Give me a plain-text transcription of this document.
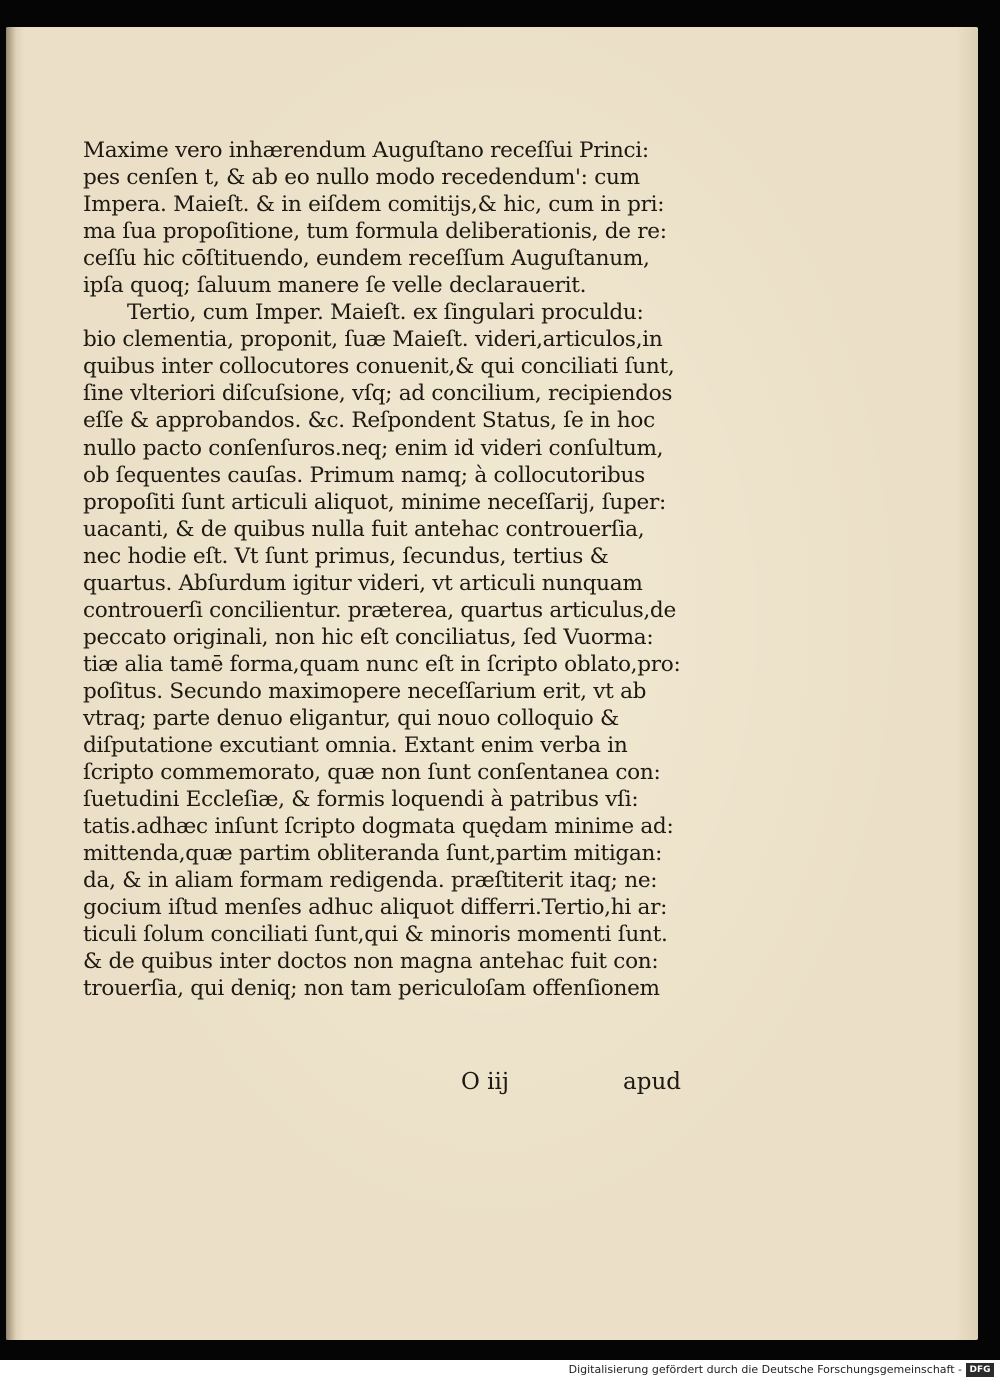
Maxime vero inhærendum Auguſtano receſſui Princi:
pes cenſen t, & ab eo nullo modo recedendum': cum
Impera. Maieſt. & in eiſdem comitijs,& hic, cum in pri:
ma ſua propoſitione, tum formula deliberationis, de re:
ceſſu hic cōſtituendo, eundem receſſum Auguſtanum,
ipſa quoq; ſaluum manere ſe velle declarauerit.
Tertio, cum Imper. Maieſt. ex ſingulari proculdu:
bio clementia, proponit, ſuæ Maieſt. videri,articulos,in
quibus inter collocutores conuenit,& qui conciliati ſunt,
ſine vlteriori diſcuſsione, vſq; ad concilium, recipiendos
eſſe & approbandos. &c. Reſpondent Status, ſe in hoc
nullo pacto conſenſuros.neq; enim id videri conſultum,
ob ſequentes cauſas. Primum namq; à collocutoribus
propoſiti ſunt articuli aliquot, minime neceſſarij, ſuper:
uacanti, & de quibus nulla fuit antehac controuerſia,
nec hodie eſt. Vt ſunt primus, ſecundus, tertius &
quartus. Abſurdum igitur videri, vt articuli nunquam
controuerſi concilientur. præterea, quartus articulus,de
peccato originali, non hic eſt conciliatus, ſed Vuorma:
tiæ alia tamē forma,quam nunc eſt in ſcripto oblato,pro:
poſitus. Secundo maximopere neceſſarium erit, vt ab
vtraq; parte denuo eligantur, qui nouo colloquio &
diſputatione excutiant omnia. Extant enim verba in
ſcripto commemorato, quæ non ſunt conſentanea con:
ſuetudini Eccleſiæ, & formis loquendi à patribus vſi:
tatis.adhæc inſunt ſcripto dogmata quędam minime ad:
mittenda,quæ partim obliteranda ſunt,partim mitigan:
da, & in aliam formam redigenda. præſtiterit itaq; ne:
gocium iſtud menſes adhuc aliquot differri.Tertio,hi ar:
ticuli ſolum conciliati ſunt,qui & minoris momenti ſunt.
& de quibus inter doctos non magna antehac fuit con:
trouerſia, qui deniq; non tam periculoſam offenſionem
O iij	apud
Digitalisierung gefördert durch die Deutsche Forschungsgemeinschaft - DFG
